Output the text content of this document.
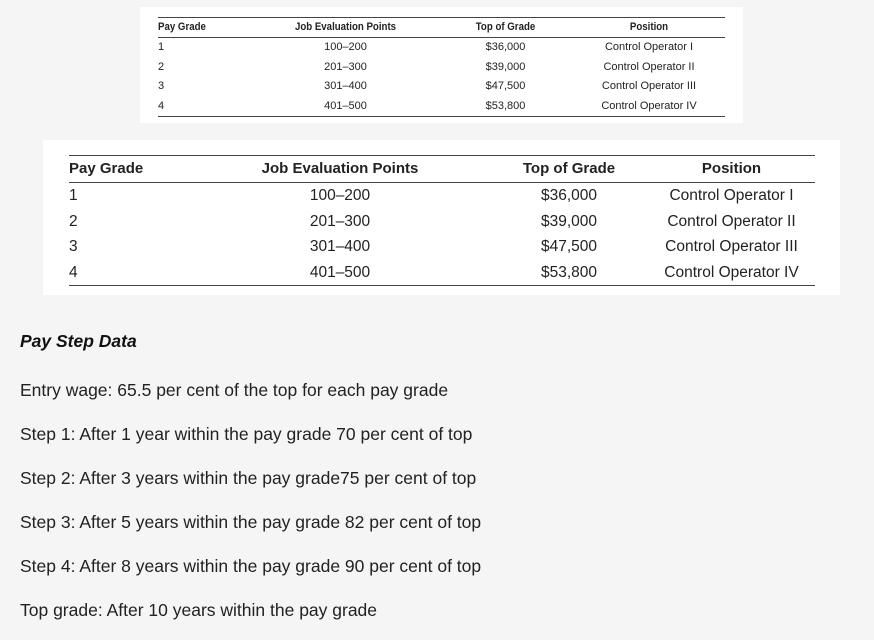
Pay Grade	Job Evaluation Points	Top of Grade	Position
1	100–200	$36,000	Control Operator I
2	201–300	$39,000	Control Operator II
3	301–400	$47,500	Control Operator III
4	401–500	$53,800	Control Operator IV
Pay Grade	Job Evaluation Points	Top of Grade	Position
1	100–200	$36,000	Control Operator I
2	201–300	$39,000	Control Operator II
3	301–400	$47,500	Control Operator III
4	401–500	$53,800	Control Operator IV

Pay Step Data

Entry wage: 65.5 per cent of the top for each pay grade

Step 1: After 1 year within the pay grade 70 per cent of top

Step 2: After 3 years within the pay grade75 per cent of top

Step 3: After 5 years within the pay grade 82 per cent of top

Step 4: After 8 years within the pay grade 90 per cent of top

Top grade: After 10 years within the pay grade
